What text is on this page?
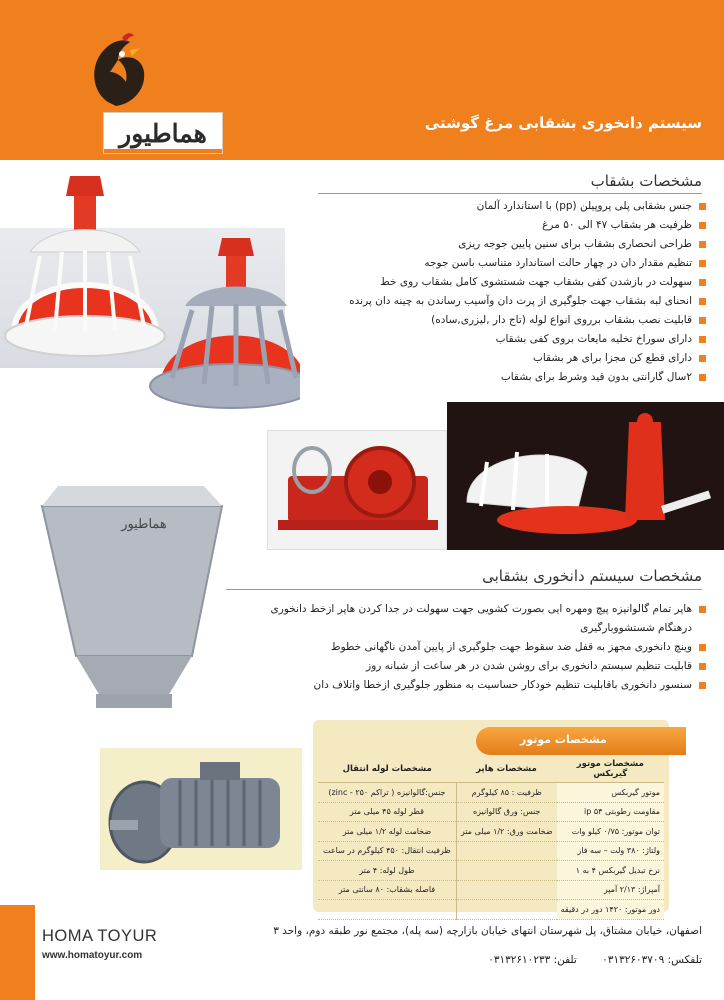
هماطیور	سیستم دانخوری بشقابی مرغ گوشتی
مشخصات بشقاب
جنس بشقابی پلی پروپیلن (pp) با استاندارد آلمان
ظرفیت هر بشقاب ۴۷ الی ۵۰ مرغ
طراحی انحصاری بشقاب برای سنین پایین جوجه ریزی
تنظیم مقدار دان در چهار حالت استاندارد متناسب باسن جوجه
سهولت در بازشدن کفی بشقاب جهت شستشوی کامل بشقاب روی خط
انحنای لبه بشقاب جهت جلوگیری از پرت دان وآسیب رساندن به چینه دان پرنده
قابلیت نصب بشقاب برروی انواع لوله (تاج دار ,لیزری,ساده)
دارای سوراخ تخلیه مایعات بروی کفی بشقاب
دارای قطع کن مجزا برای هر بشقاب
۲سال گارانتی بدون قید وشرط برای بشقاب
مشخصات سیستم دانخوری بشقابی
هماطیور
هاپر تمام گالوانیزه پیچ ومهره ایی بصورت کشویی جهت سهولت در جدا کردن هاپر ازخط دانخوری درهنگام شستشووبارگیری
وینچ دانخوری مجهز به قفل ضد سقوط جهت جلوگیری از پایین آمدن ناگهانی خطوط
قابلیت تنظیم سیستم دانخوری برای روشن شدن در هر ساعت از شبانه روز
سنسور دانخوری باقابلیت تنظیم خودکار حساسیت به منظور جلوگیری ازخطا واتلاف دان
مشخصات موتور
مشخصات موتور گیربکس	مشخصات هاپر	مشخصات لوله انتقال
موتور گیربکس	ظرفیت : ۸۵ کیلوگرم	جنس:گالوانیزه ( تراکم ۲۵۰ - zinc)
مقاومت رطوبتی ip ۵۴	جنس: ورق گالوانیزه	قطر لوله ۴۵ میلی متر
توان موتور: ۰/۷۵ کیلو وات	ضخامت ورق: ۱/۲ میلی متر	ضخامت لوله ۱/۲ میلی متر
ولتاژ: ۳۸۰ ولت – سه فاز		ظرفیت انتقال: ۴۵۰ کیلوگرم در ساعت
نرخ تبدیل گیربکس ۴ به ۱		طول لوله: ۴ متر
آمپراژ: ۲/۱۳ آمپر		فاصله بشقاب: ۸۰ سانتی متر
دور موتور: ۱۴۲۰ دور در دقیقه		
HOMA TOYUR
www.homatoyur.com
اصفهان، خیابان مشتاق، پل شهرستان انتهای خیابان بازارچه (سه پله)، مجتمع نور طبقه دوم، واحد ۳
تلفکس: ۰۳۱۳۲۶۰۳۷۰۹ تلفن: ۰۳۱۳۲۶۱۰۲۳۳
